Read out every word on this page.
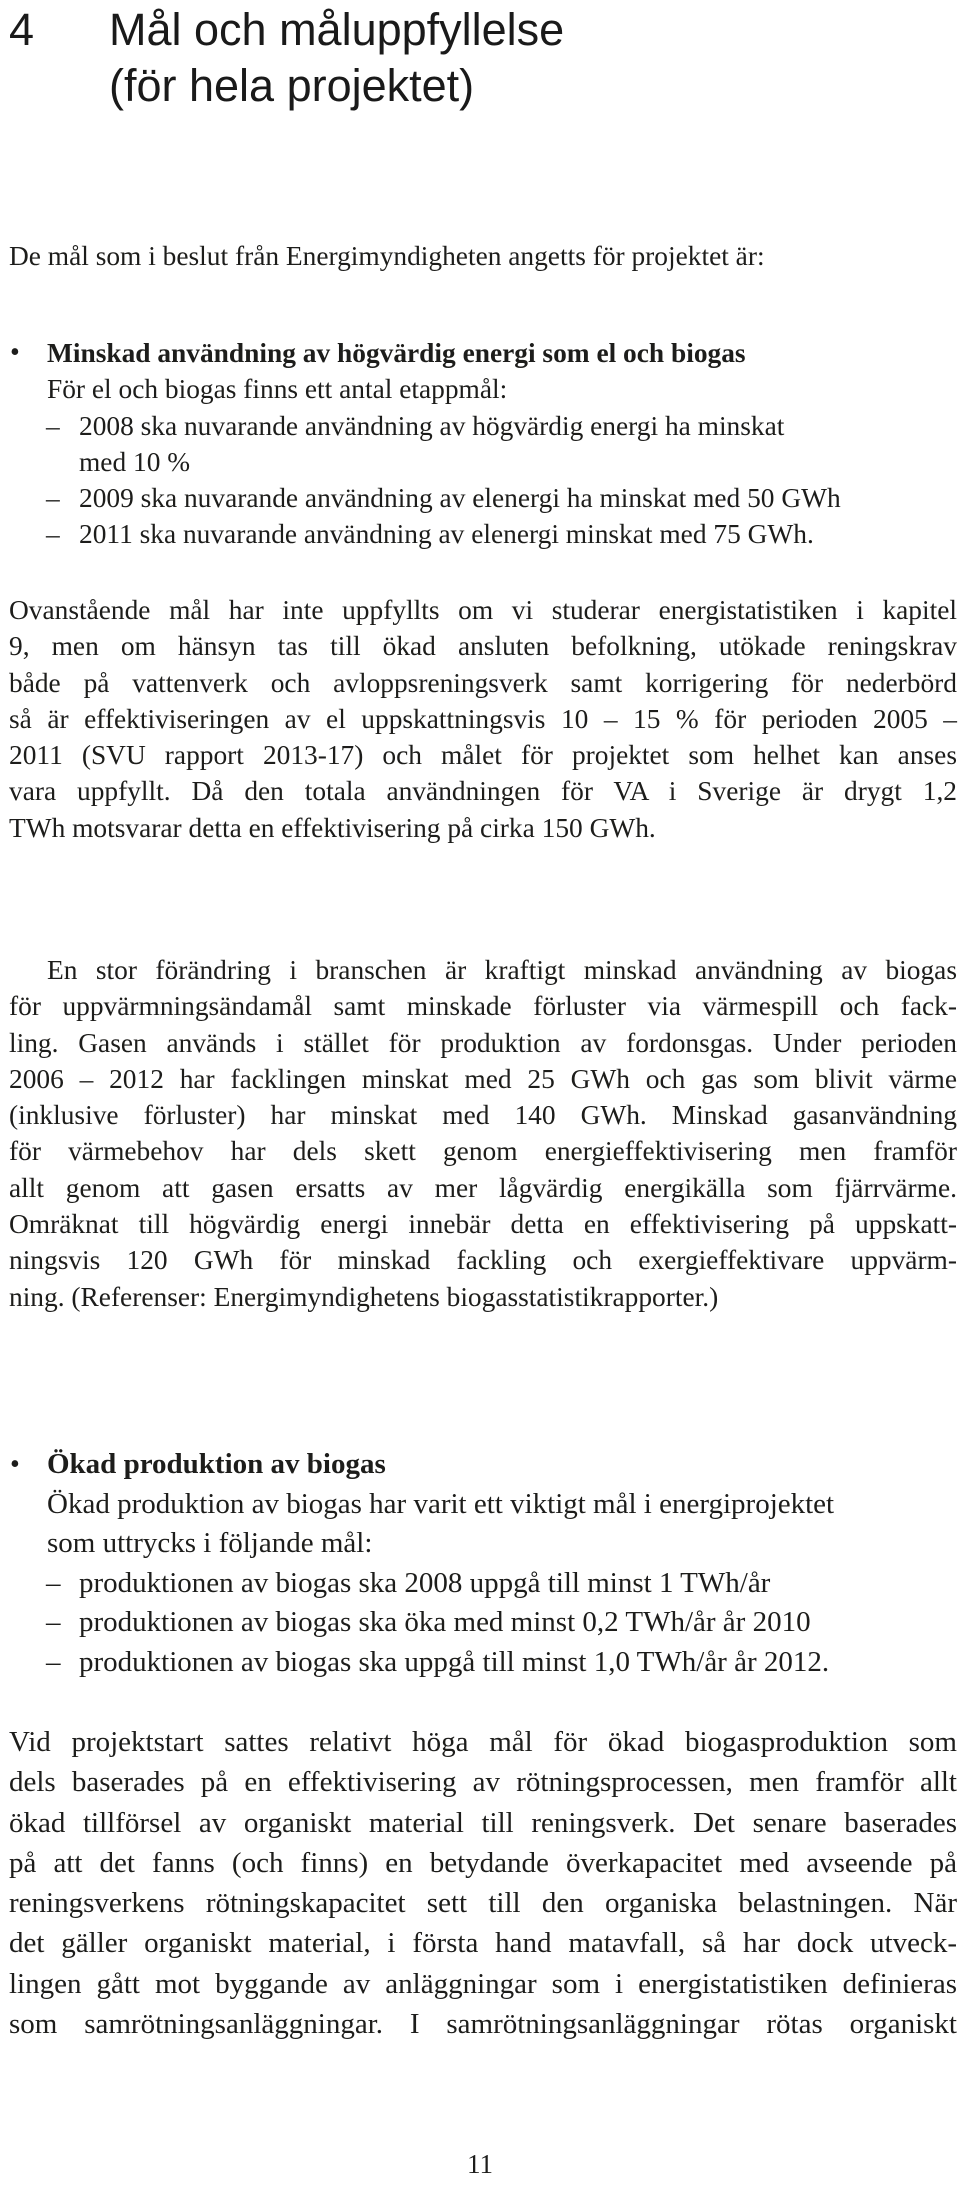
4	Mål och måluppfyllelse
(för hela projektet)
De mål som i beslut från Energimyndigheten angetts för projektet är:
• Minskad användning av högvärdig energi som el och biogas
För el och biogas finns ett antal etappmål:
– 2008 ska nuvarande användning av högvärdig energi ha minskat
med 10 %
– 2009 ska nuvarande användning av elenergi ha minskat med 50 GWh
– 2011 ska nuvarande användning av elenergi minskat med 75 GWh.
Ovanstående mål har inte uppfyllts om vi studerar energistatistiken i kapitel
9, men om hänsyn tas till ökad ansluten befolkning, utökade reningskrav
både på vattenverk och avloppsreningsverk samt korrigering för nederbörd
så är effektiviseringen av el uppskattningsvis 10 – 15 % för perioden 2005 –
2011 (SVU rapport 2013-17) och målet för projektet som helhet kan anses
vara uppfyllt. Då den totala användningen för VA i Sverige är drygt 1,2
TWh motsvarar detta en effektivisering på cirka 150 GWh.
En stor förändring i branschen är kraftigt minskad användning av biogas
för uppvärmningsändamål samt minskade förluster via värmespill och fack-
ling. Gasen används i stället för produktion av fordonsgas. Under perioden
2006 – 2012 har facklingen minskat med 25 GWh och gas som blivit värme
(inklusive förluster) har minskat med 140 GWh. Minskad gasanvändning
för värmebehov har dels skett genom energieffektivisering men framför
allt genom att gasen ersatts av mer lågvärdig energikälla som fjärrvärme.
Omräknat till högvärdig energi innebär detta en effektivisering på uppskatt-
ningsvis 120 GWh för minskad fackling och exergieffektivare uppvärm-
ning. (Referenser: Energimyndighetens biogasstatistikrapporter.)
• Ökad produktion av biogas
Ökad produktion av biogas har varit ett viktigt mål i energiprojektet
som uttrycks i följande mål:
– produktionen av biogas ska 2008 uppgå till minst 1 TWh/år
– produktionen av biogas ska öka med minst 0,2 TWh/år år 2010
– produktionen av biogas ska uppgå till minst 1,0 TWh/år år 2012.
Vid projektstart sattes relativt höga mål för ökad biogasproduktion som
dels baserades på en effektivisering av rötningsprocessen, men framför allt
ökad tillförsel av organiskt material till reningsverk. Det senare baserades
på att det fanns (och finns) en betydande överkapacitet med avseende på
reningsverkens rötningskapacitet sett till den organiska belastningen. När
det gäller organiskt material, i första hand matavfall, så har dock utveck-
lingen gått mot byggande av anläggningar som i energistatistiken definieras
som samrötningsanläggningar. I samrötningsanläggningar rötas organiskt
11
